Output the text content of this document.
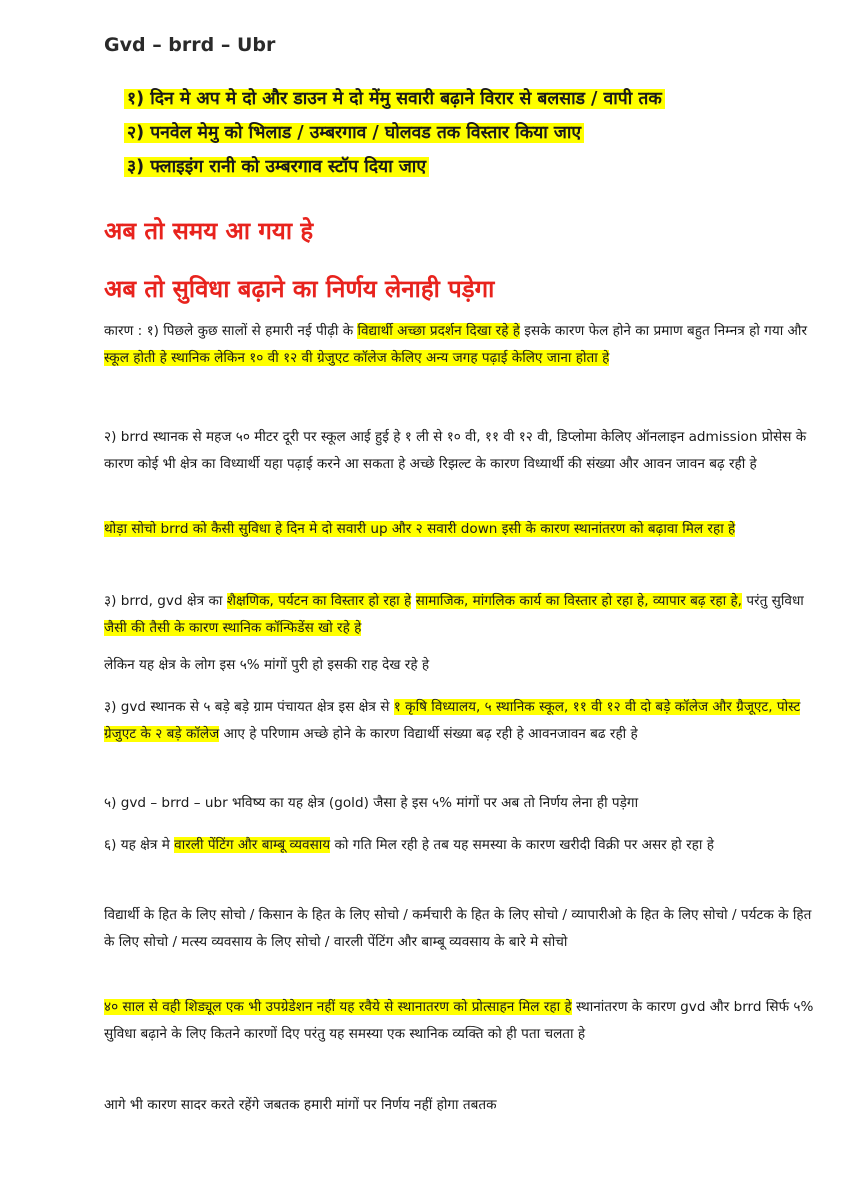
Gvd – brrd – Ubr
१) दिन मे अप मे दो और डाउन मे दो मेंमु सवारी बढ़ाने विरार से बलसाड / वापी तक
२) पनवेल मेमु को भिलाड / उम्बरगाव / घोलवड तक विस्तार किया जाए
३) फ्लाइइंग रानी को उम्बरगाव स्टॉप दिया जाए
अब तो समय आ गया हे
अब तो सुविधा बढ़ाने का निर्णय लेनाही पड़ेगा

कारण : १) पिछले कुछ सालों से हमारी नई पीढ़ी के विद्यार्थी अच्छा प्रदर्शन दिखा रहे हे इसके कारण फेल होने का प्रमाण बहुत निम्नत्र हो गया और स्कूल होती हे स्थानिक लेकिन १० वी १२ वी ग्रेजुएट कॉलेज केलिए अन्य जगह पढ़ाई केलिए जाना होता हे

२) brrd स्थानक से महज ५० मीटर दूरी पर स्कूल आई हुई हे १ ली से १० वी, ११ वी १२ वी, डिप्लोमा केलिए ऑनलाइन admission प्रोसेस के कारण कोई भी क्षेत्र का विध्यार्थी यहा पढ़ाई करने आ सकता हे अच्छे रिझल्ट के कारण विध्यार्थी की संख्या और आवन जावन बढ़ रही हे

थोड़ा सोचो brrd को कैसी सुविधा हे दिन मे दो सवारी up और २ सवारी down इसी के कारण स्थानांतरण को बढ़ावा मिल रहा हे

३) brrd, gvd क्षेत्र का शैक्षणिक, पर्यटन का विस्तार हो रहा हे सामाजिक, मांगलिक कार्य का विस्तार हो रहा हे, व्यापार बढ़ रहा हे, परंतु सुविधा जैसी की तैसी के कारण स्थानिक कॉन्फिडेंस खो रहे हे

लेकिन यह क्षेत्र के लोग इस ५% मांगों पुरी हो इसकी राह देख रहे हे

३) gvd स्थानक से ५ बड़े बड़े ग्राम पंचायत क्षेत्र इस क्षेत्र से १ कृषि विध्यालय, ५ स्थानिक स्कूल, ११ वी १२ वी दो बड़े कॉलेज और ग्रैजूएट, पोस्ट ग्रेजुएट के २ बड़े कॉलेज आए हे परिणाम अच्छे होने के कारण विद्यार्थी संख्या बढ़ रही हे आवनजावन बढ रही हे

५) gvd – brrd – ubr भविष्य का यह क्षेत्र (gold) जैसा हे इस ५% मांगों पर अब तो निर्णय लेना ही पड़ेगा

६) यह क्षेत्र मे वारली पेंटिंग और बाम्बू व्यवसाय को गति मिल रही हे तब यह समस्या के कारण खरीदी विक्री पर असर हो रहा हे

विद्यार्थी के हित के लिए सोचो / किसान के हित के लिए सोचो / कर्मचारी के हित के लिए सोचो / व्यापारीओ के हित के लिए सोचो / पर्यटक के हित के लिए सोचो / मत्स्य व्यवसाय के लिए सोचो / वारली पेंटिंग और बाम्बू व्यवसाय के बारे मे सोचो

४० साल से वही शिड्यूल एक भी उपग्रेडेशन नहीं यह रवैये से स्थानातरण को प्रोत्साहन मिल रहा हे स्थानांतरण के कारण gvd और brrd सिर्फ ५% सुविधा बढ़ाने के लिए कितने कारणों दिए परंतु यह समस्या एक स्थानिक व्यक्ति को ही पता चलता हे

आगे भी कारण सादर करते रहेंगे जबतक हमारी मांगों पर निर्णय नहीं होगा तबतक
